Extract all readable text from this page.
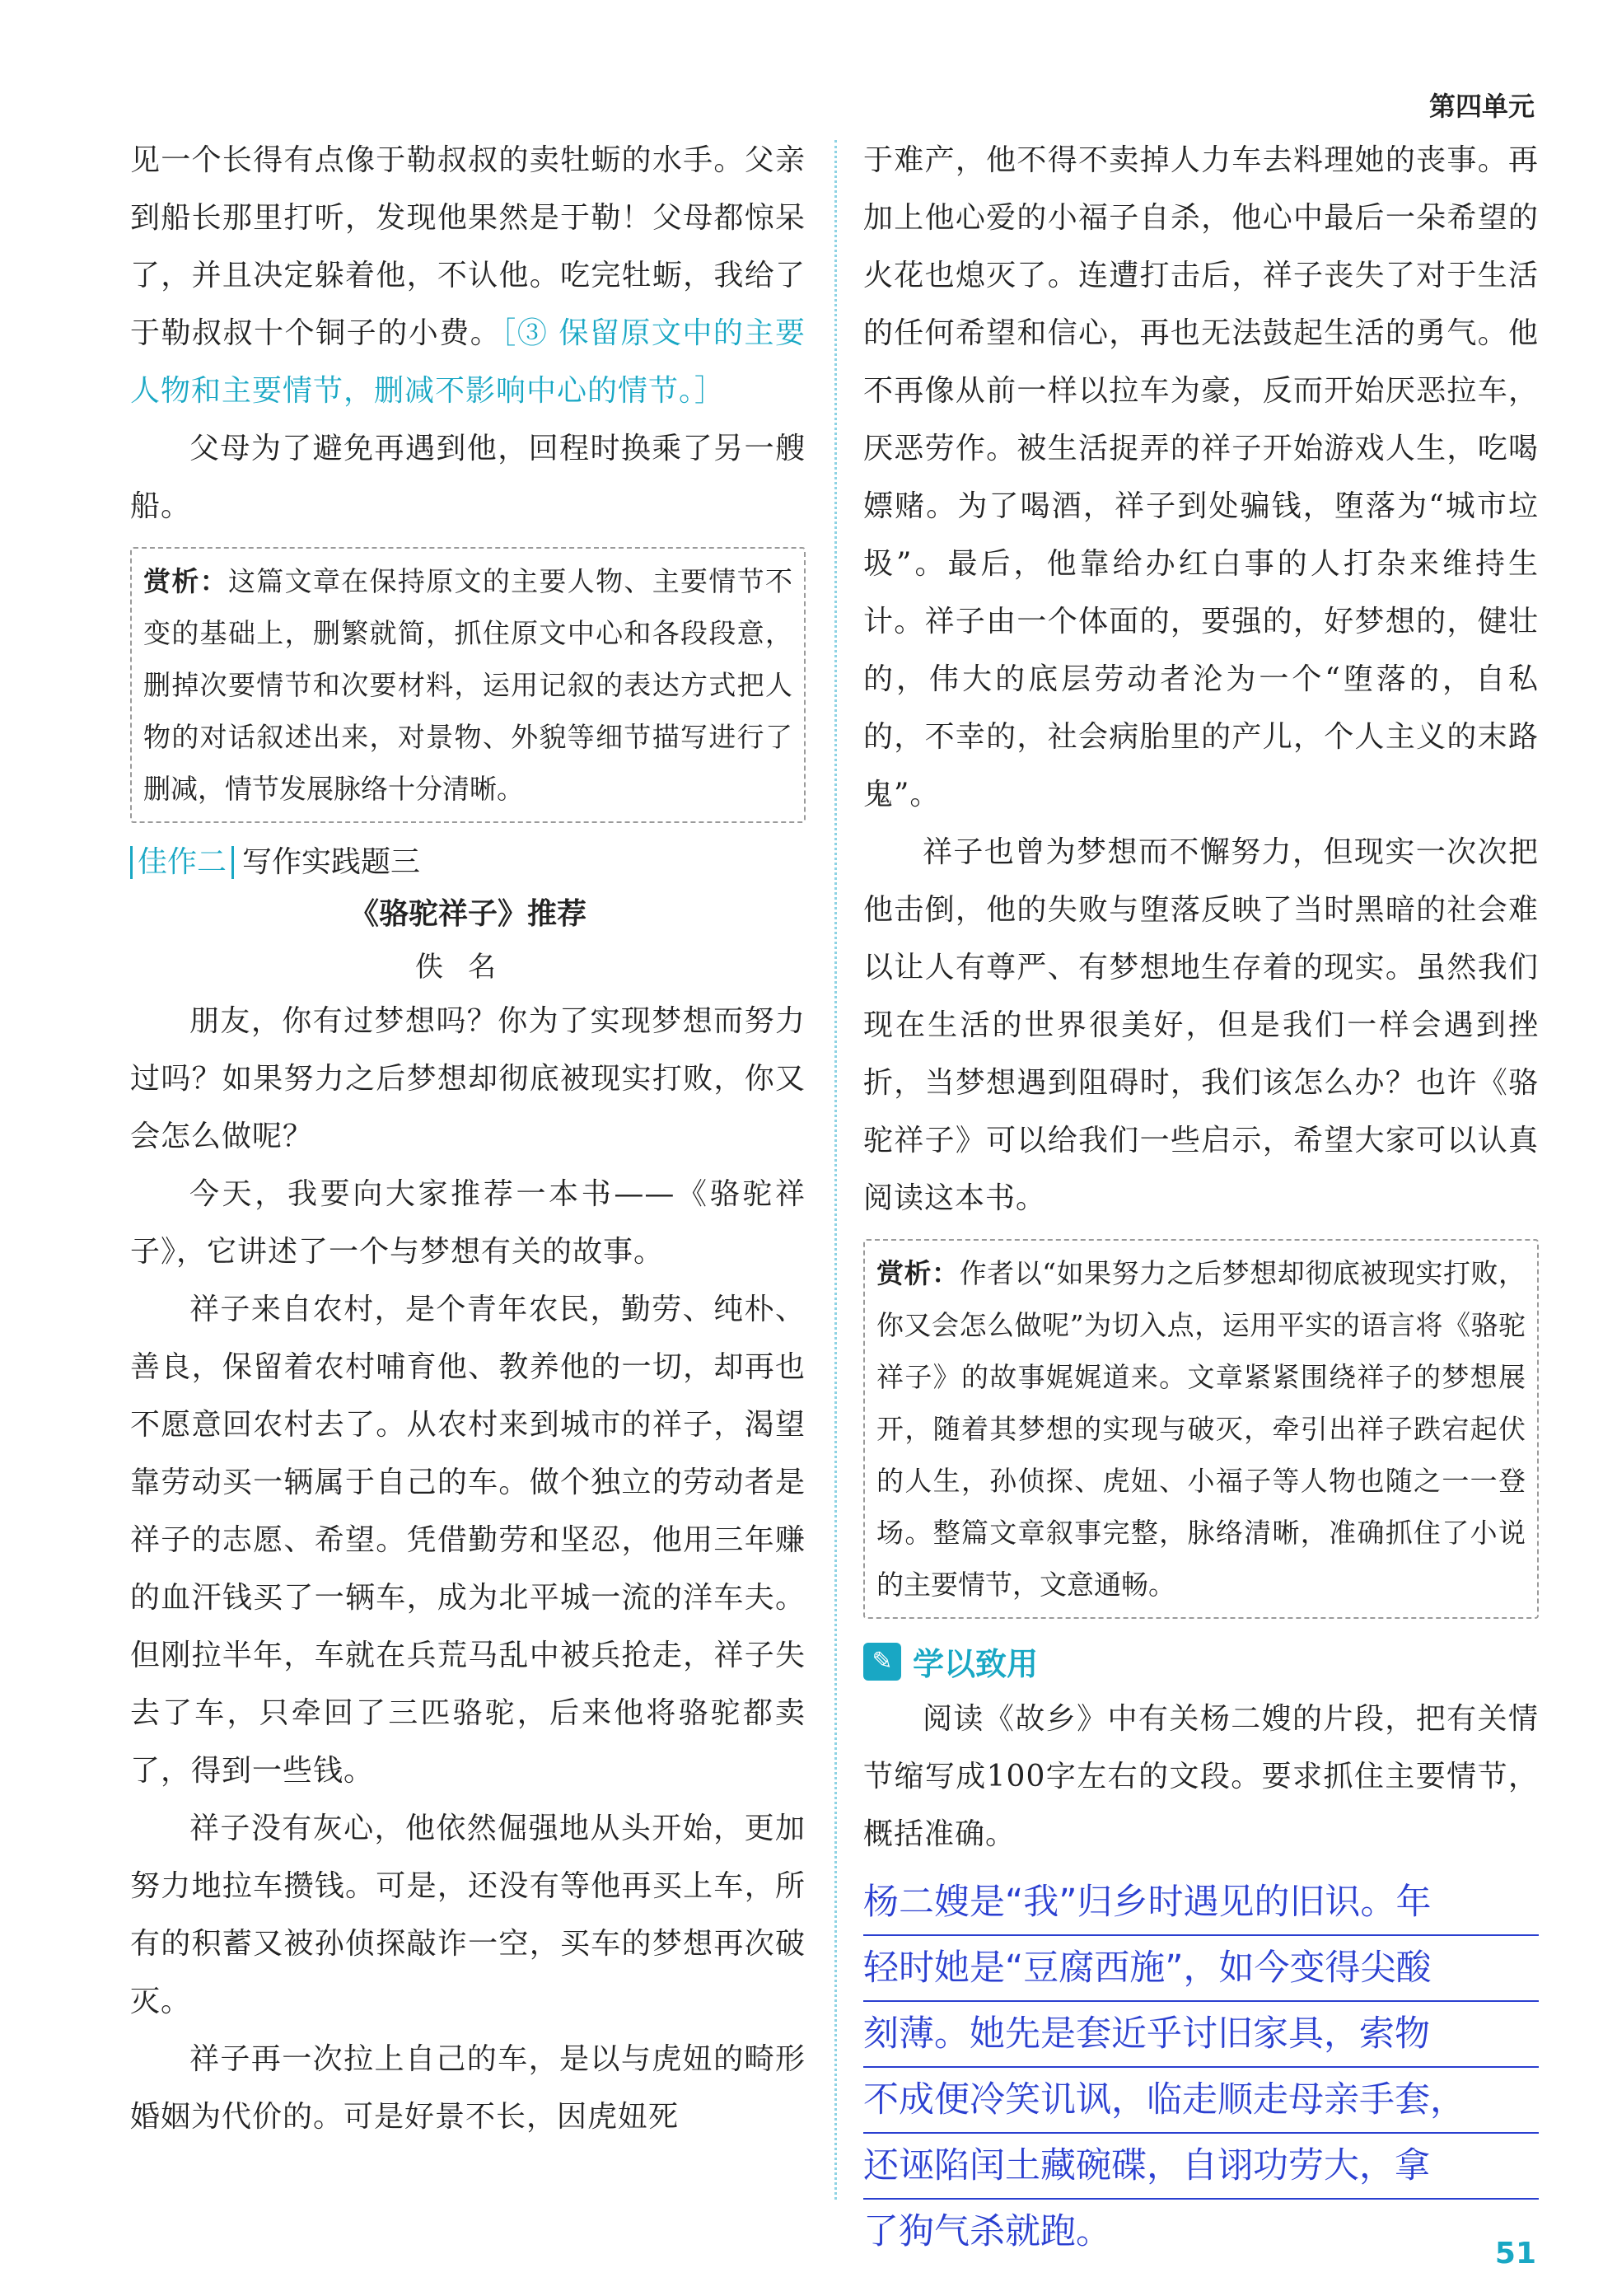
第四单元

见一个长得有点像于勒叔叔的卖牡蛎的水手。父亲到船长那里打听，发现他果然是于勒！父母都惊呆了，并且决定躲着他，不认他。吃完牡蛎，我给了于勒叔叔十个铜子的小费。［③ 保留原文中的主要人物和主要情节，删减不影响中心的情节。］

父母为了避免再遇到他，回程时换乘了另一艘船。

赏析：这篇文章在保持原文的主要人物、主要情节不变的基础上，删繁就简，抓住原文中心和各段段意，删掉次要情节和次要材料，运用记叙的表达方式把人物的对话叙述出来，对景物、外貌等细节描写进行了删减，情节发展脉络十分清晰。
佳作二 写作实践题三
《骆驼祥子》推荐
佚名

朋友，你有过梦想吗？你为了实现梦想而努力过吗？如果努力之后梦想却彻底被现实打败，你又会怎么做呢？

今天，我要向大家推荐一本书——《骆驼祥子》，它讲述了一个与梦想有关的故事。

祥子来自农村，是个青年农民，勤劳、纯朴、善良，保留着农村哺育他、教养他的一切，却再也不愿意回农村去了。从农村来到城市的祥子，渴望靠劳动买一辆属于自己的车。做个独立的劳动者是祥子的志愿、希望。凭借勤劳和坚忍，他用三年赚的血汗钱买了一辆车，成为北平城一流的洋车夫。但刚拉半年，车就在兵荒马乱中被兵抢走，祥子失去了车，只牵回了三匹骆驼，后来他将骆驼都卖了，得到一些钱。

祥子没有灰心，他依然倔强地从头开始，更加努力地拉车攒钱。可是，还没有等他再买上车，所有的积蓄又被孙侦探敲诈一空，买车的梦想再次破灭。

祥子再一次拉上自己的车，是以与虎妞的畸形婚姻为代价的。可是好景不长，因虎妞死

于难产，他不得不卖掉人力车去料理她的丧事。再加上他心爱的小福子自杀，他心中最后一朵希望的火花也熄灭了。连遭打击后，祥子丧失了对于生活的任何希望和信心，再也无法鼓起生活的勇气。他不再像从前一样以拉车为豪，反而开始厌恶拉车，厌恶劳作。被生活捉弄的祥子开始游戏人生，吃喝嫖赌。为了喝酒，祥子到处骗钱，堕落为“城市垃圾”。最后，他靠给办红白事的人打杂来维持生计。祥子由一个体面的，要强的，好梦想的，健壮的，伟大的底层劳动者沦为一个“堕落的，自私的，不幸的，社会病胎里的产儿，个人主义的末路鬼”。

祥子也曾为梦想而不懈努力，但现实一次次把他击倒，他的失败与堕落反映了当时黑暗的社会难以让人有尊严、有梦想地生存着的现实。虽然我们现在生活的世界很美好，但是我们一样会遇到挫折，当梦想遇到阻碍时，我们该怎么办？也许《骆驼祥子》可以给我们一些启示，希望大家可以认真阅读这本书。

赏析：作者以“如果努力之后梦想却彻底被现实打败，你又会怎么做呢”为切入点，运用平实的语言将《骆驼祥子》的故事娓娓道来。文章紧紧围绕祥子的梦想展开，随着其梦想的实现与破灭，牵引出祥子跌宕起伏的人生，孙侦探、虎妞、小福子等人物也随之一一登场。整篇文章叙事完整，脉络清晰，准确抓住了小说的主要情节，文意通畅。
✎ 学以致用

阅读《故乡》中有关杨二嫂的片段，把有关情节缩写成100字左右的文段。要求抓住主要情节，概括准确。

杨二嫂是“我”归乡时遇见的旧识。年
轻时她是“豆腐西施”，如今变得尖酸
刻薄。她先是套近乎讨旧家具，索物
不成便冷笑讥讽，临走顺走母亲手套，
还诬陷闰土藏碗碟，自诩功劳大，拿
了狗气杀就跑。
51
